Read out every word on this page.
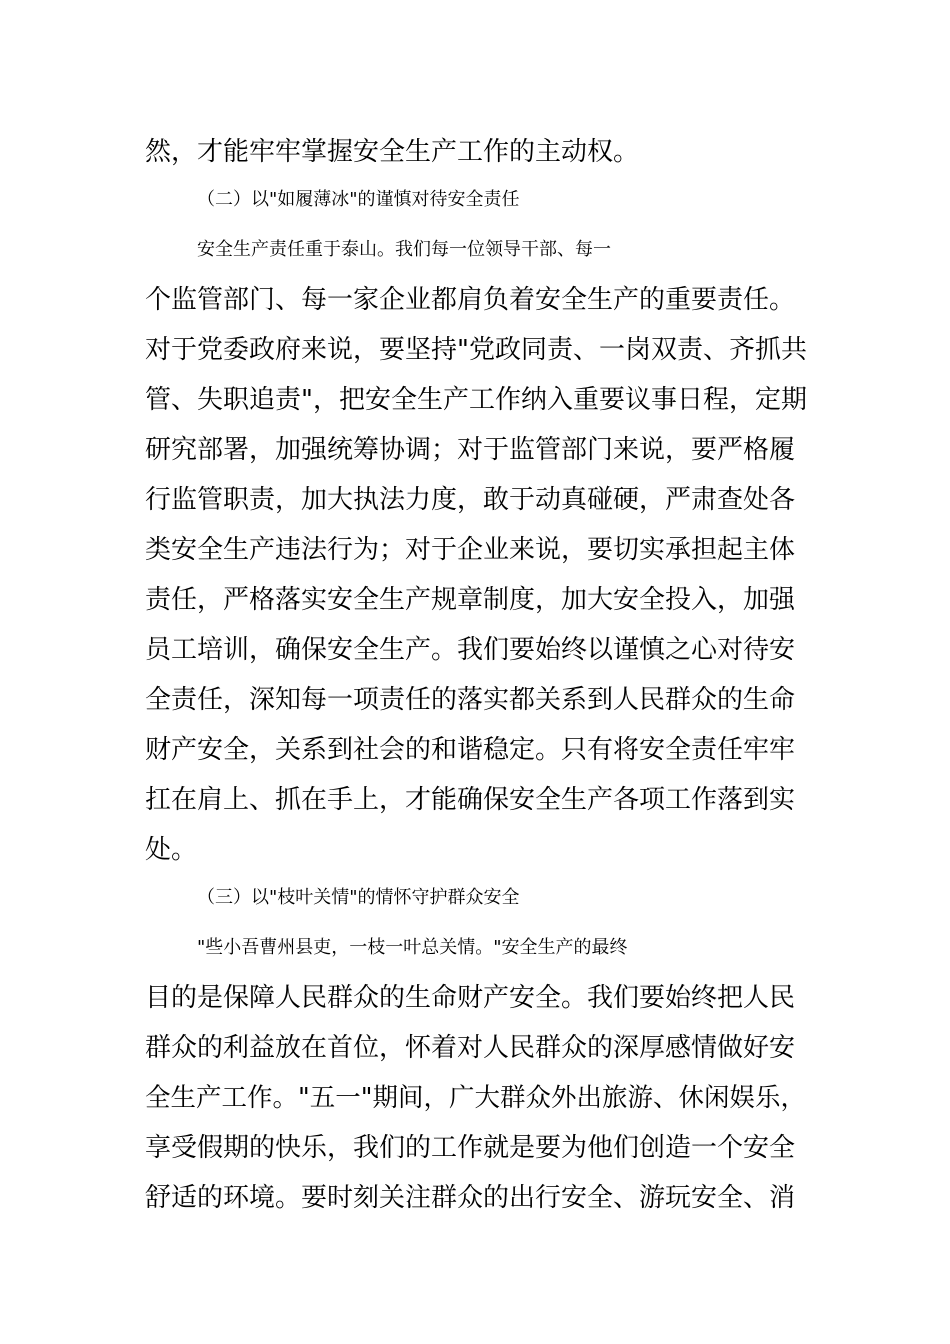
然，才能牢牢掌握安全生产工作的主动权。
（二）以"如履薄冰"的谨慎对待安全责任
安全生产责任重于泰山。我们每一位领导干部、每一
个监管部门、每一家企业都肩负着安全生产的重要责任。
对于党委政府来说，要坚持"党政同责、一岗双责、齐抓共
管、失职追责"，把安全生产工作纳入重要议事日程，定期
研究部署，加强统筹协调；对于监管部门来说，要严格履
行监管职责，加大执法力度，敢于动真碰硬，严肃查处各
类安全生产违法行为；对于企业来说，要切实承担起主体
责任，严格落实安全生产规章制度，加大安全投入，加强
员工培训，确保安全生产。我们要始终以谨慎之心对待安
全责任，深知每一项责任的落实都关系到人民群众的生命
财产安全，关系到社会的和谐稳定。只有将安全责任牢牢
扛在肩上、抓在手上，才能确保安全生产各项工作落到实
处。
（三）以"枝叶关情"的情怀守护群众安全
"些小吾曹州县吏，一枝一叶总关情。"安全生产的最终
目的是保障人民群众的生命财产安全。我们要始终把人民
群众的利益放在首位，怀着对人民群众的深厚感情做好安
全生产工作。"五一"期间，广大群众外出旅游、休闲娱乐，
享受假期的快乐，我们的工作就是要为他们创造一个安全
舒适的环境。要时刻关注群众的出行安全、游玩安全、消
